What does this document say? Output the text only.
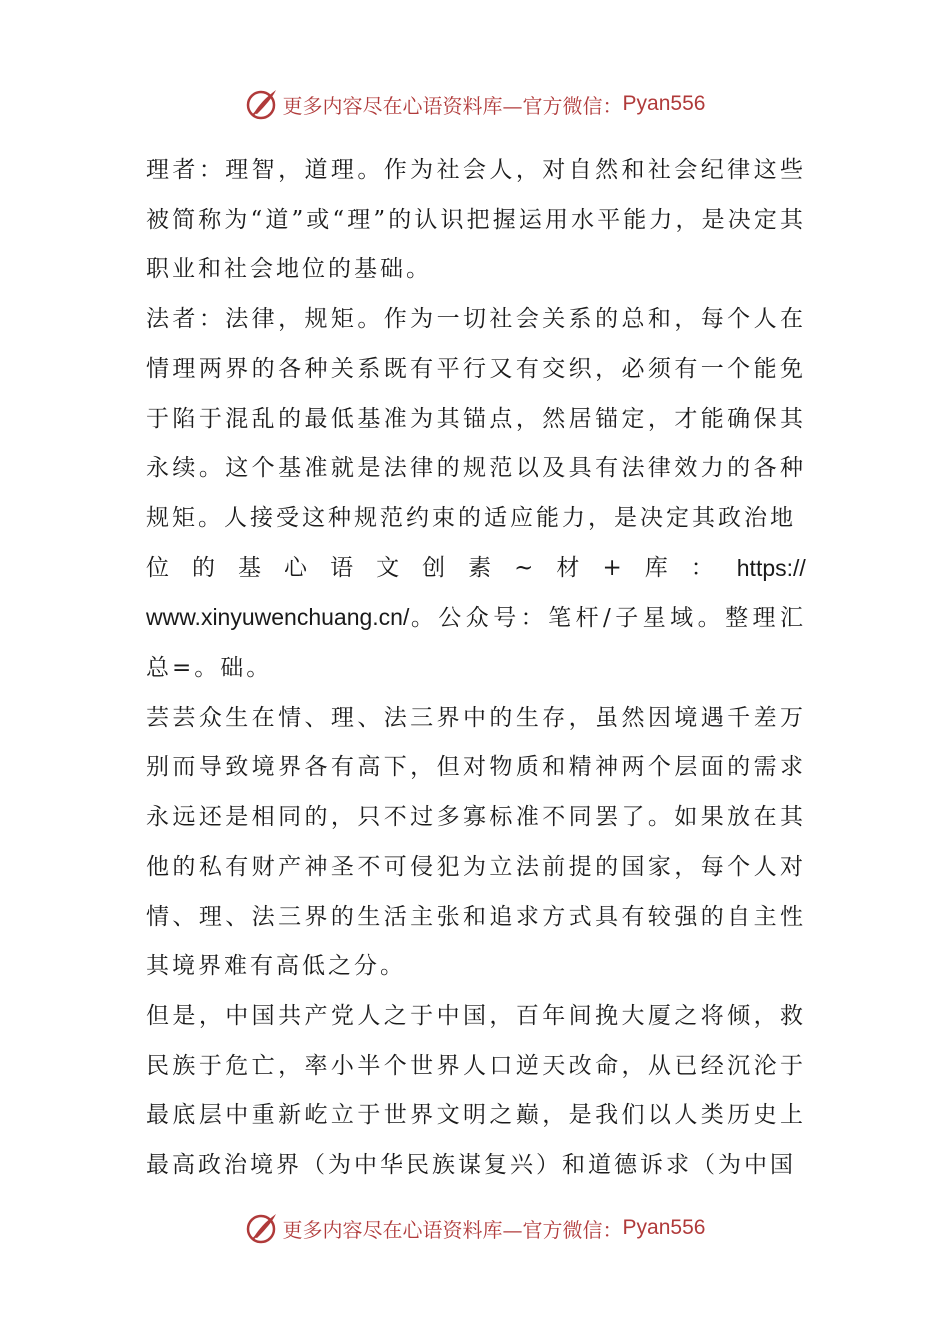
更多内容尽在心语资料库—官方微信： Pyan556

理者：理智，道理。作为社会人，对自然和社会纪律这些被简称为“道”或“理”的认识把握运用水平能力，是决定其职业和社会地位的基础。

法者：法律，规矩。作为一切社会关系的总和，每个人在情理两界的各种关系既有平行又有交织，必须有一个能免于陷于混乱的最低基准为其锚点，然居锚定，才能确保其永续。这个基准就是法律的规范以及具有法律效力的各种规矩。人接受这种规范约束的适应能力，是决定其政治地
位 的 基 心 语 文 创 素 ~ 材 + 库 ： https://
www.xinyuwenchuang.cn/。公众号：笔杆/子星域。整理汇总=。础。

芸芸众生在情、理、法三界中的生存，虽然因境遇千差万别而导致境界各有高下，但对物质和精神两个层面的需求永远还是相同的，只不过多寡标准不同罢了。如果放在其他的私有财产神圣不可侵犯为立法前提的国家，每个人对情、理、法三界的生活主张和追求方式具有较强的自主性其境界难有高低之分。

但是，中国共产党人之于中国，百年间挽大厦之将倾，救民族于危亡，率小半个世界人口逆天改命，从已经沉沦于最底层中重新屹立于世界文明之巅，是我们以人类历史上最高政治境界（为中华民族谋复兴）和道德诉求（为中国

更多内容尽在心语资料库—官方微信： Pyan556
